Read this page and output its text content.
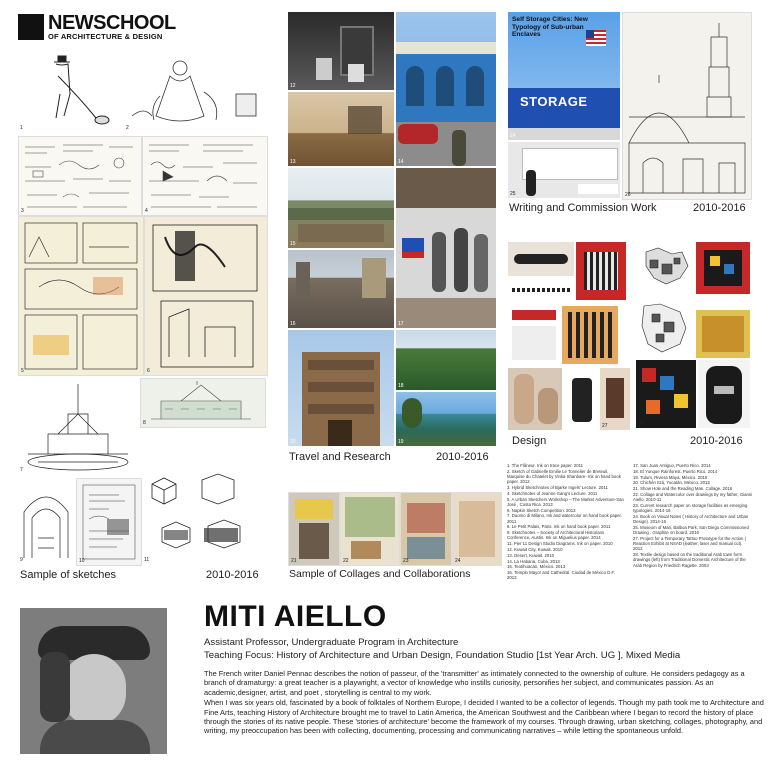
NEWSCHOOL
OF ARCHITECTURE & DESIGN
1	2
3	4
5	6
7
8
9	10	11
Sample of sketches	2010-2016
12
13	14
15
16	17
20
18
19
Travel and Research	2010-2016
21	22	23	24
Sample of Collages and Collaborations
Self Storage Cities: New Typology of Sub-urban Enclaves
STORAGE
24
25	26
Writing and Commission Work	2010-2016
27	28
Design	2010-2016
1. The Flâneur. Ink on trace paper. 2011
2. Sketch of Gabrielle Emilie Le Tonnelier de Breteuil, Marquise du Chatelet by Vinka Shanbare- Ink on hand book paper. 2012
3. Hybrid Sketchnotes of Bjarke Ingels' Lecture. 2011
4. Sketchnotes of Jeanne Gang's Lecture. 2011
5. A Urban Sketchers Workshop – The Market Adventure-San José , Costa Rica. 2013
6. Napkin Sketch Competition. 2013
7. Duomo di Milano, Ink and watercolor on hand book paper. 2011
8. Le Petit Palais, Paris. Ink on hand book paper. 2011
9. Sketchnotes – Society of Architectural Historians Conference, Austin. Ink on Miguelius paper. 2014
11. Pier 11 Design Studio Diagrams. Ink on paper. 2010
12. Kuwait City, Kuwait. 2010
13. Desert, Kuwait. 2010
14. La Habana, Cuba. 2013
15. Teotihuacán, México. 2013
16. Templo Mayor and Cathedral. Ciudad de México D.F. 2013
17. San Juan Antiguo, Puerto Rico. 2014
18. El Yunque Rainforest. Puerto Rico. 2014
19. Tulum, Riviera Maya, México. 2015
20. Chichén Itzá, Yucatán, México. 2015
21. Show Hole and the Reading Man. Collage. 2016
22. Collage and Watercolor over drawings by my father, Gianni Aiello. 2010-11
23. Current research paper on storage facilities as emerging typologies. 2014-16
24. Book on Visual Notes ( History of Architecture and Urban Design). 2014-16
25. Museum of Man, Balboa Park, San Diego Commissioned Drawing . Graphite on board. 2016
27. Project for a Temporary Tattoo Prototype for the Action ( Reaction Exhibit at NSAD (leather, laser and manual cut). 2012
28. Textile design based on the traditional Arab town form drawings (left) from Traditional Domestic Architecture of the Arab Region by Friedrich Ragette. 2003
MITI AIELLO
Assistant Professor, Undergraduate Program in Architecture
Teaching Focus: History of Architecture and Urban Design, Foundation Studio [1st Year Arch. UG ], Mixed Media

The French writer Daniel Pennac describes the notion of passeur, of the 'transmitter' as intimately connected to the ownership of culture. He considers pedagogy as a branch of dramaturgy: a great teacher is a playwright, a vector of knowledge who instills curiosity, personifies her subject, and communicates passion. As an academic,designer, artist, and poet , storytelling is central to my work.

When I was six years old, fascinated by a book of folktales of Northern Europe, I decided I wanted to be a collector of legends. Though my path took me to Architecture and Fine Arts, teaching History of Architecture brought me to travel to Latin America, the American Southwest and the Caribbean where I began to record the history of place through the stories of its native people. These 'stories of architecture' become the framework of my courses. Through drawing, urban sketching, collages, photography, and writing, my preoccupation has been with collecting, documenting, processing and communicating narratives – while letting the spontaneous unfold.
